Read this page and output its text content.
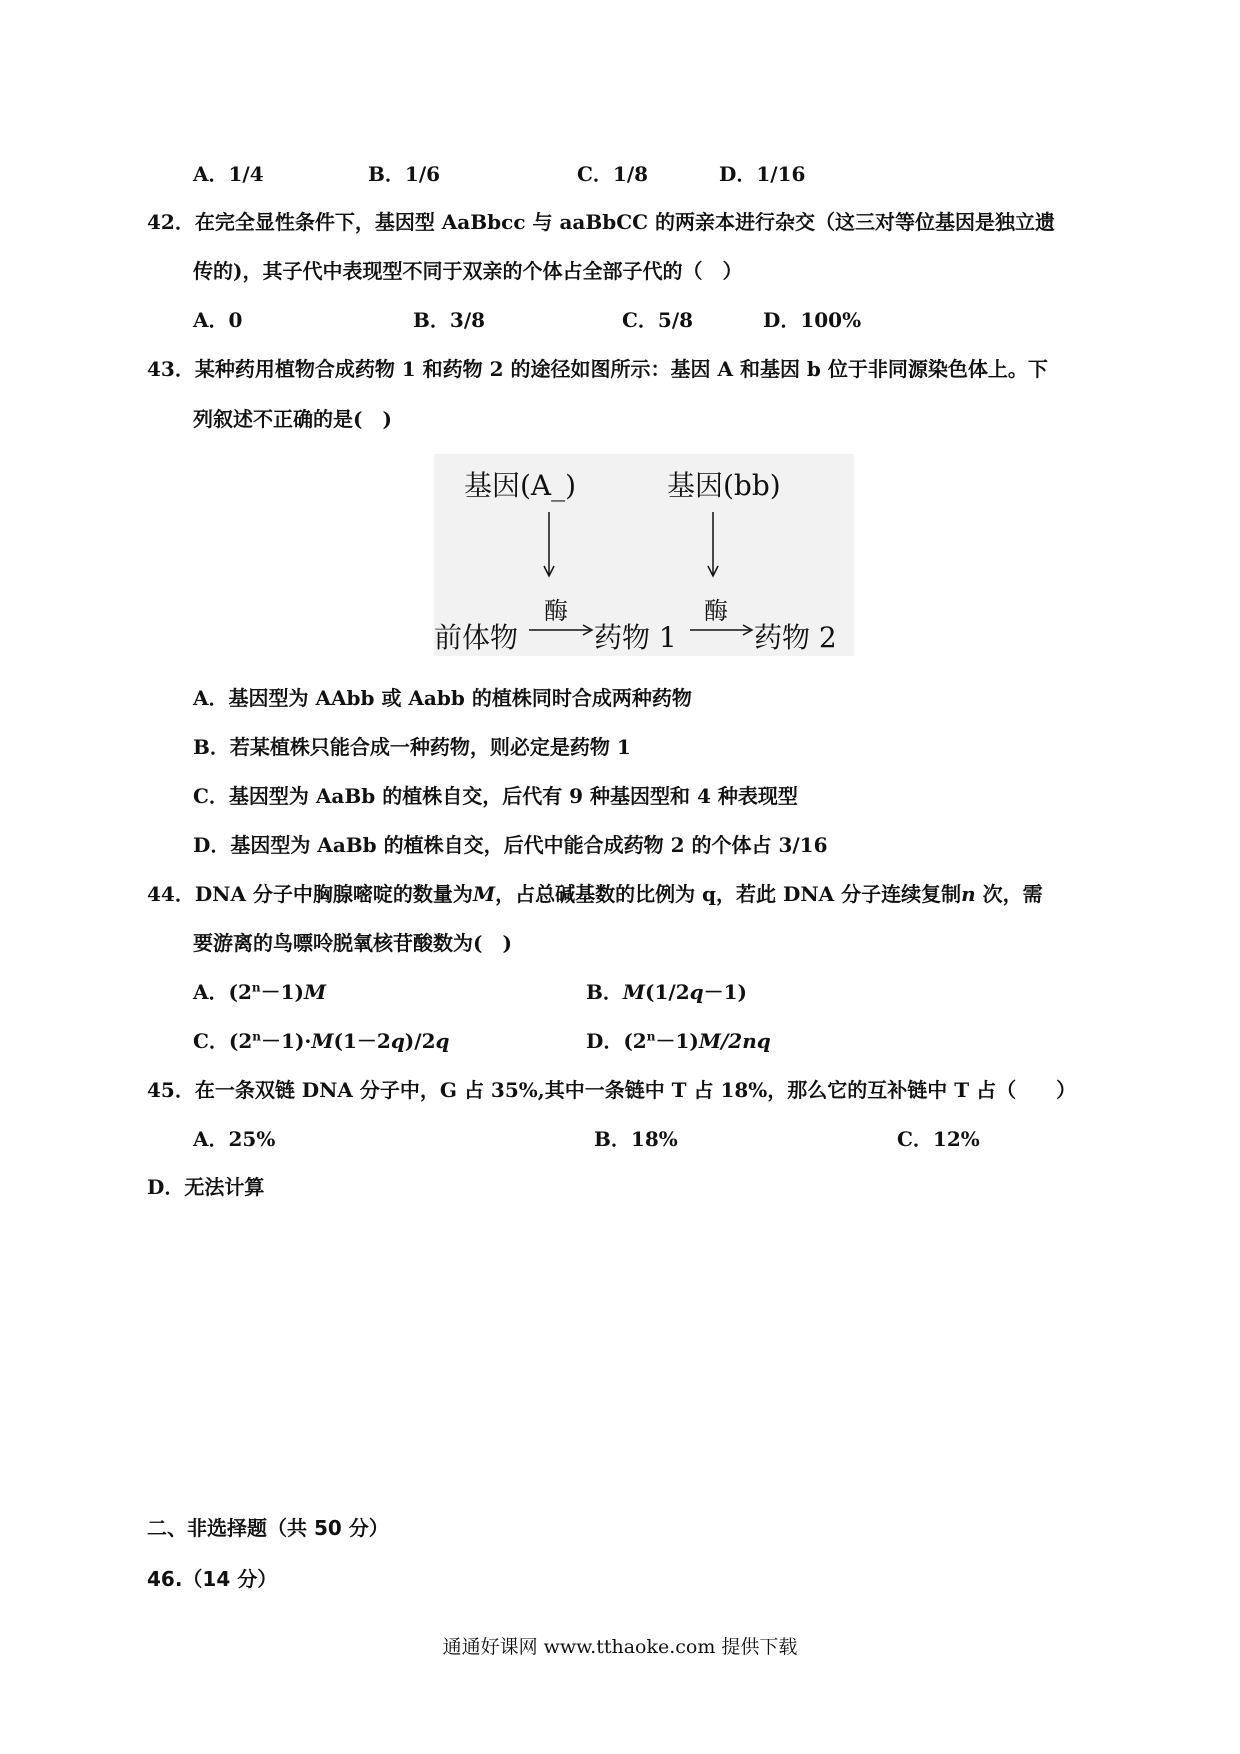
A．1/4	B．1/6	C．1/8	D．1/16
42．在完全显性条件下，基因型 AaBbcc 与 aaBbCC 的两亲本进行杂交（这三对等位基因是独立遗
传的)，其子代中表现型不同于双亲的个体占全部子代的（　）
A．0	B．3/8	C．5/8	D．100%
43．某种药用植物合成药物 1 和药物 2 的途径如图所示：基因 A 和基因 b 位于非同源染色体上。下
列叙述不正确的是(　)
基因(A_)	基因(bb)
酶	酶
前体物	药物 1	药物 2
A．基因型为 AAbb 或 Aabb 的植株同时合成两种药物
B．若某植株只能合成一种药物，则必定是药物 1
C．基因型为 AaBb 的植株自交，后代有 9 种基因型和 4 种表现型
D．基因型为 AaBb 的植株自交，后代中能合成药物 2 的个体占 3/16
44．DNA 分子中胸腺嘧啶的数量为M，占总碱基数的比例为 q，若此 DNA 分子连续复制n 次，需
要游离的鸟嘌呤脱氧核苷酸数为(　)
A．$(2^n-1)M$	B．M(1/2q－1)
C．$(2^n-1)\cdot M(1-2q)/2q$	D．$(2^n-1)M/2nq$
45．在一条双链 DNA 分子中，G 占 35%,其中一条链中 T 占 18%，那么它的互补链中 T 占（　　）
A．25%	B．18%	C．12%
D．无法计算
二、非选择题（共 50 分）
46.（14 分）
通通好课网 www.tthaoke.com 提供下载
